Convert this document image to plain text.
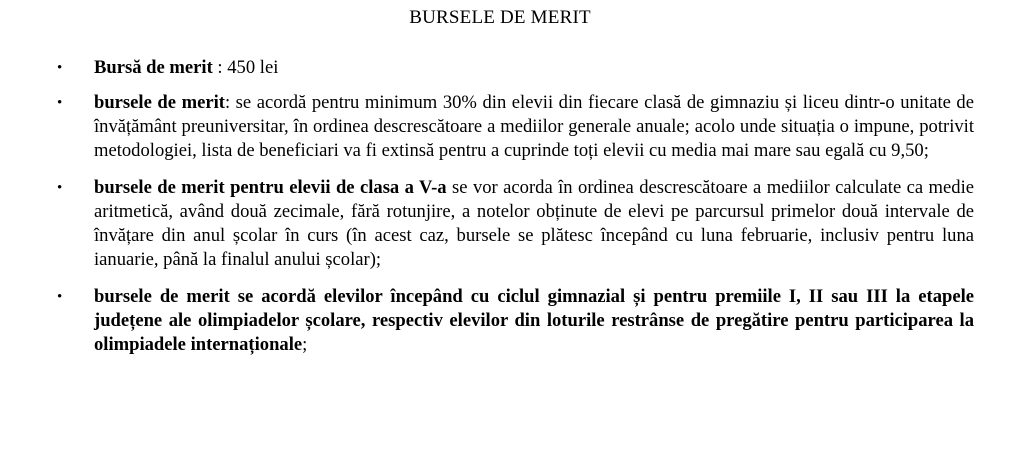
BURSELE DE MERIT
• Bursă de merit : 450 lei
• bursele de merit: se acordă pentru minimum 30% din elevii din fiecare clasă de gimnaziu și liceu dintr-o unitate de învățământ preuniversitar, în ordinea descrescătoare a mediilor generale anuale; acolo unde situația o impune, potrivit metodologiei, lista de beneficiari va fi extinsă pentru a cuprinde toți elevii cu media mai mare sau egală cu 9,50;
• bursele de merit pentru elevii de clasa a V-a se vor acorda în ordinea descrescătoare a mediilor calculate ca medie aritmetică, având două zecimale, fără rotunjire, a notelor obținute de elevi pe parcursul primelor două intervale de învățare din anul școlar în curs (în acest caz, bursele se plătesc începând cu luna februarie, inclusiv pentru luna ianuarie, până la finalul anului școlar);
• bursele de merit se acordă elevilor începând cu ciclul gimnazial și pentru premiile I, II sau III la etapele județene ale olimpiadelor școlare, respectiv elevilor din loturile restrânse de pregătire pentru participarea la olimpiadele internaționale;
